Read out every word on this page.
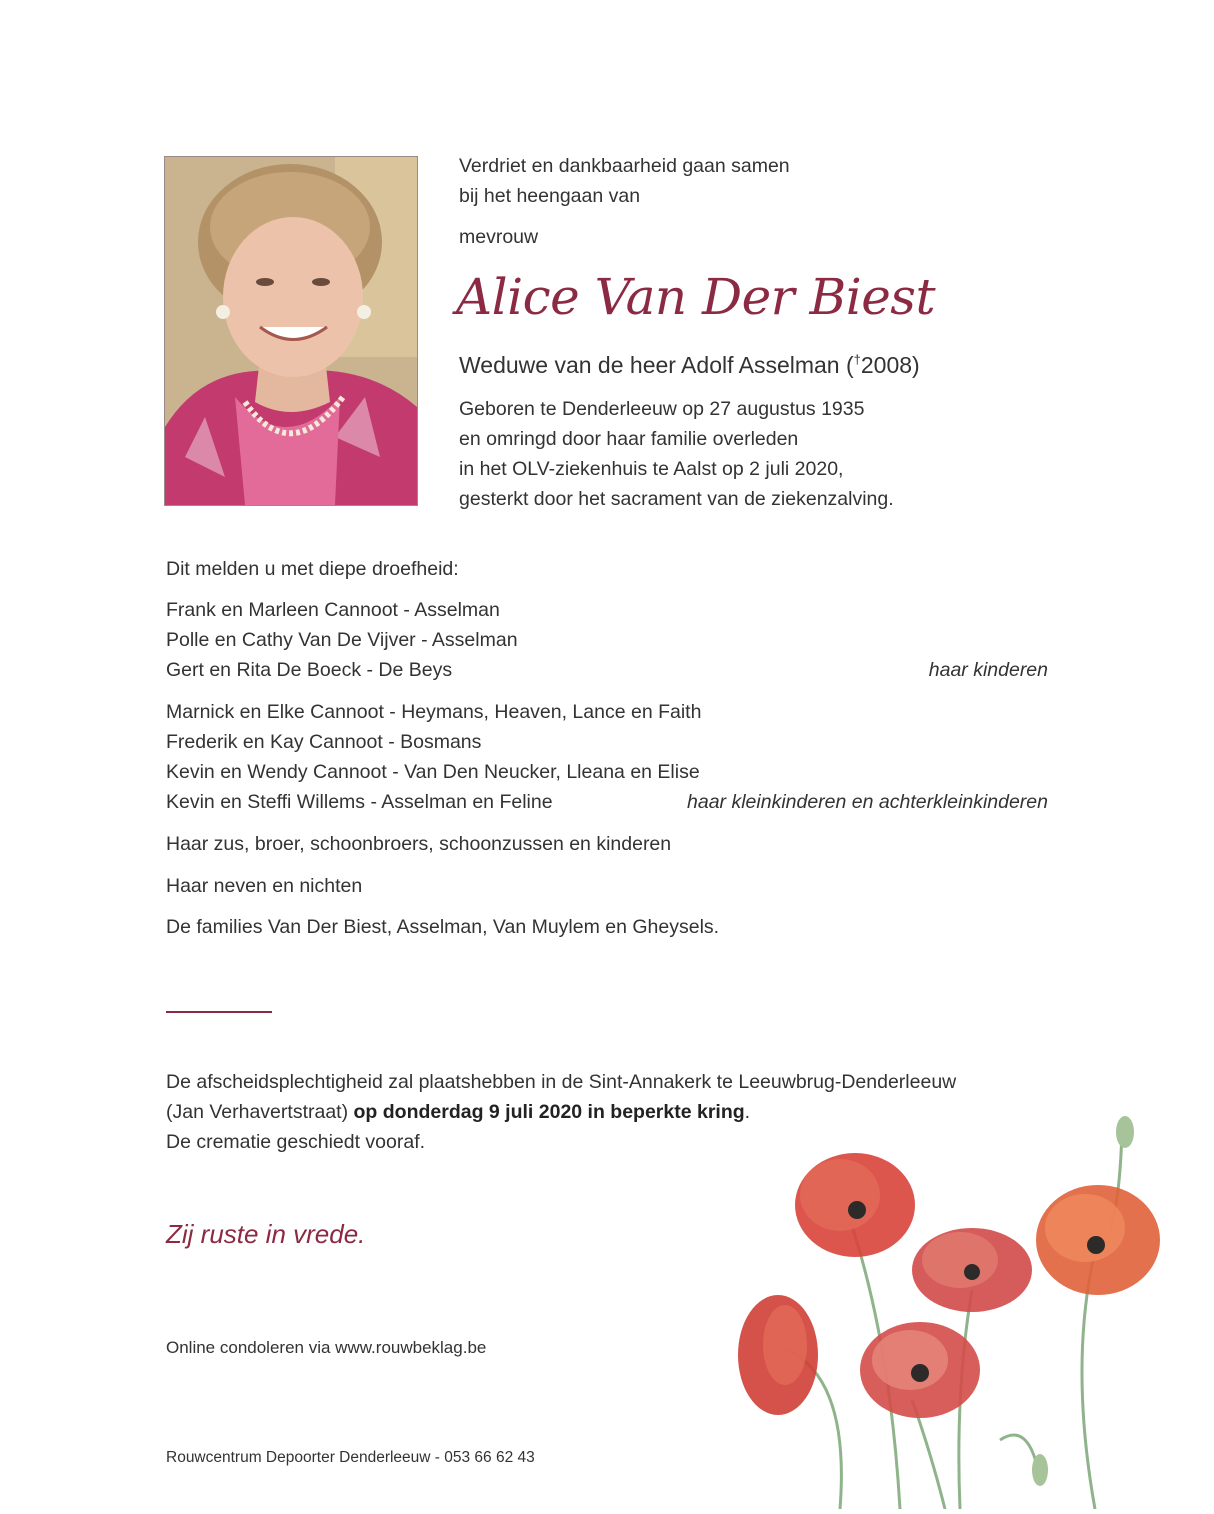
Verdriet en dankbaarheid gaan samen
bij het heengaan van
mevrouw
Alice Van Der Biest
Weduwe van de heer Adolf Asselman (†2008)
Geboren te Denderleeuw op 27 augustus 1935
en omringd door haar familie overleden
in het OLV-ziekenhuis te Aalst op 2 juli 2020,
gesterkt door het sacrament van de ziekenzalving.
Dit melden u met diepe droefheid:
Frank en Marleen Cannoot - Asselman
Polle en Cathy Van De Vijver - Asselman
Gert en Rita De Boeck - De Beys	haar kinderen
Marnick en Elke Cannoot - Heymans, Heaven, Lance en Faith
Frederik en Kay Cannoot - Bosmans
Kevin en Wendy Cannoot - Van Den Neucker, Lleana en Elise
Kevin en Steffi Willems - Asselman en Feline	haar kleinkinderen en achterkleinkinderen
Haar zus, broer, schoonbroers, schoonzussen en kinderen
Haar neven en nichten
De families Van Der Biest, Asselman, Van Muylem en Gheysels.
De afscheidsplechtigheid zal plaatshebben in de Sint-Annakerk te Leeuwbrug-Denderleeuw
(Jan Verhavertstraat) op donderdag 9 juli 2020 in beperkte kring.
De crematie geschiedt vooraf.
Zij ruste in vrede.
Online condoleren via www.rouwbeklag.be
Rouwcentrum Depoorter Denderleeuw - 053 66 62 43
